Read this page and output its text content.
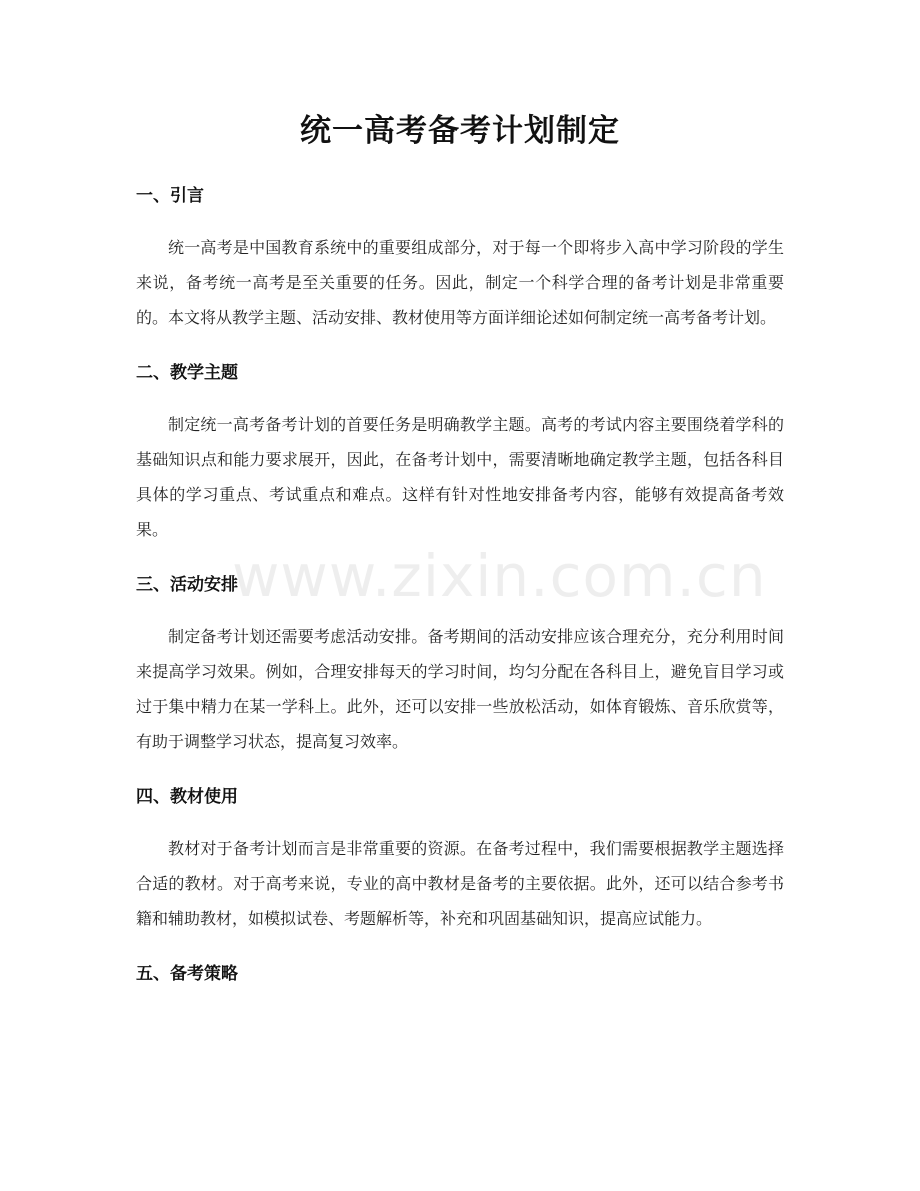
统一高考备考计划制定
一、引言

统一高考是中国教育系统中的重要组成部分，对于每一个即将步入高中学习阶段的学生来说，备考统一高考是至关重要的任务。因此，制定一个科学合理的备考计划是非常重要的。本文将从教学主题、活动安排、教材使用等方面详细论述如何制定统一高考备考计划。

二、教学主题

制定统一高考备考计划的首要任务是明确教学主题。高考的考试内容主要围绕着学科的基础知识点和能力要求展开，因此，在备考计划中，需要清晰地确定教学主题，包括各科目具体的学习重点、考试重点和难点。这样有针对性地安排备考内容，能够有效提高备考效果。

三、活动安排

制定备考计划还需要考虑活动安排。备考期间的活动安排应该合理充分，充分利用时间来提高学习效果。例如，合理安排每天的学习时间，均匀分配在各科目上，避免盲目学习或过于集中精力在某一学科上。此外，还可以安排一些放松活动，如体育锻炼、音乐欣赏等，有助于调整学习状态，提高复习效率。

四、教材使用

教材对于备考计划而言是非常重要的资源。在备考过程中，我们需要根据教学主题选择合适的教材。对于高考来说，专业的高中教材是备考的主要依据。此外，还可以结合参考书籍和辅助教材，如模拟试卷、考题解析等，补充和巩固基础知识，提高应试能力。

五、备考策略
www.zixin.com.cn
